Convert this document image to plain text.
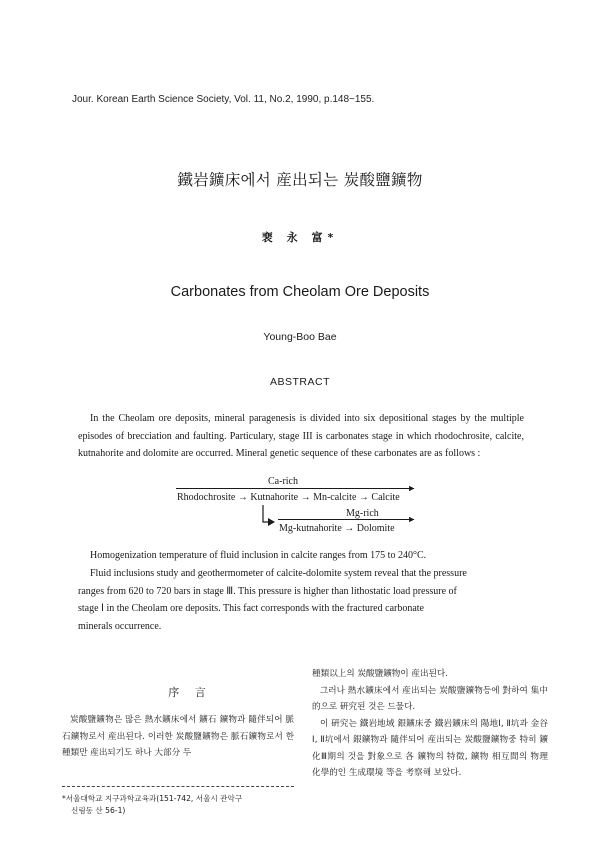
Jour. Korean Earth Science Society, Vol. 11, No.2, 1990, p.148~155.
鐵岩鑛床에서 産出되는 炭酸鹽鑛物
裵 永 富*
Carbonates from Cheolam Ore Deposits
Young-Boo Bae
ABSTRACT

In the Cheolam ore deposits, mineral paragenesis is divided into six depositional stages by the multiple episodes of brecciation and faulting. Particulary, stage III is carbonates stage in which rhodochrosite, calcite, kutnahorite and dolomite are occurred. Mineral genetic sequence of these carbonates are as follows :

Ca-rich
Rhodochrosite → Kutnahorite → Mn-calcite → Calcite
Mg-rich
Mg-kutnahorite → Dolomite

Homogenization temperature of fluid inclusion in calcite ranges from 175 to 240°C.
Fluid inclusions study and geothermometer of calcite-dolomite system reveal that the pressure
ranges from 620 to 720 bars in stage Ⅲ. This pressure is higher than lithostatic load pressure of
stage Ⅰ in the Cheolam ore deposits. This fact corresponds with the fractured carbonate
minerals occurrence.

序 言

炭酸鹽鑛物은 많은 熱水鑛床에서 鑛石 鑛物과 隨伴되어 脈石鑛物로서 産出된다. 이러한 炭酸鹽鑛物은 脈石鑛物로서 한 種類만 産出되기도 하나 大部分 두

種類以上의 炭酸鹽鑛物이 産出된다.

그러나 熱水鑛床에서 産出되는 炭酸鹽鑛物등에 對하여 集中的으로 硏究된 것은 드물다.

이 硏究는 鐵岩地域 銀鑛床중 鐵岩鑛床의 陽地Ⅰ, Ⅱ坑과 金谷Ⅰ, Ⅱ坑에서 銀鑛物과 隨伴되어 産出되는 炭酸鹽鑛物중 特히 鑛化Ⅲ期의 것을 對象으로 各 鑛物의 特徵, 鑛物 相互間의 物理 化學的인 生成環境 等을 考察해 보았다.

*서울대학교 지구과학교육과(151-742, 서울시 관악구
신림동 산 56-1)
